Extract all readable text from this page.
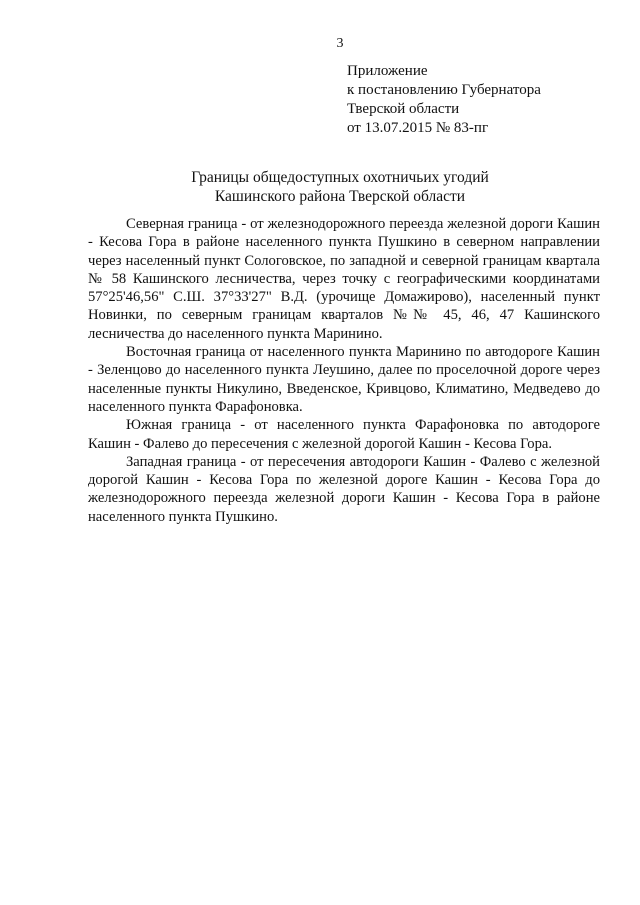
3
Приложение
к постановлению Губернатора
Тверской области
от 13.07.2015 № 83-пг
Границы общедоступных охотничьих угодий
Кашинского района Тверской области

Северная граница - от железнодорожного переезда железной дороги Кашин - Кесова Гора в районе населенного пункта Пушкино в северном направлении через населенный пункт Сологовское, по западной и северной границам квартала № 58 Кашинского лесничества, через точку с географическими координатами 57°25'46,56" С.Ш. 37°33'27" В.Д. (урочище Домажирово), населенный пункт Новинки, по северным границам кварталов №№ 45, 46, 47 Кашинского лесничества до населенного пункта Маринино.

Восточная граница от населенного пункта Маринино по автодороге Кашин - Зеленцово до населенного пункта Леушино, далее по проселочной дороге через населенные пункты Никулино, Введенское, Кривцово, Климатино, Медведево до населенного пункта Фарафоновка.

Южная граница - от населенного пункта Фарафоновка по автодороге Кашин - Фалево до пересечения с железной дорогой Кашин - Кесова Гора.

Западная граница - от пересечения автодороги Кашин - Фалево с железной дорогой Кашин - Кесова Гора по железной дороге Кашин - Кесова Гора до железнодорожного переезда железной дороги Кашин - Кесова Гора в районе населенного пункта Пушкино.
